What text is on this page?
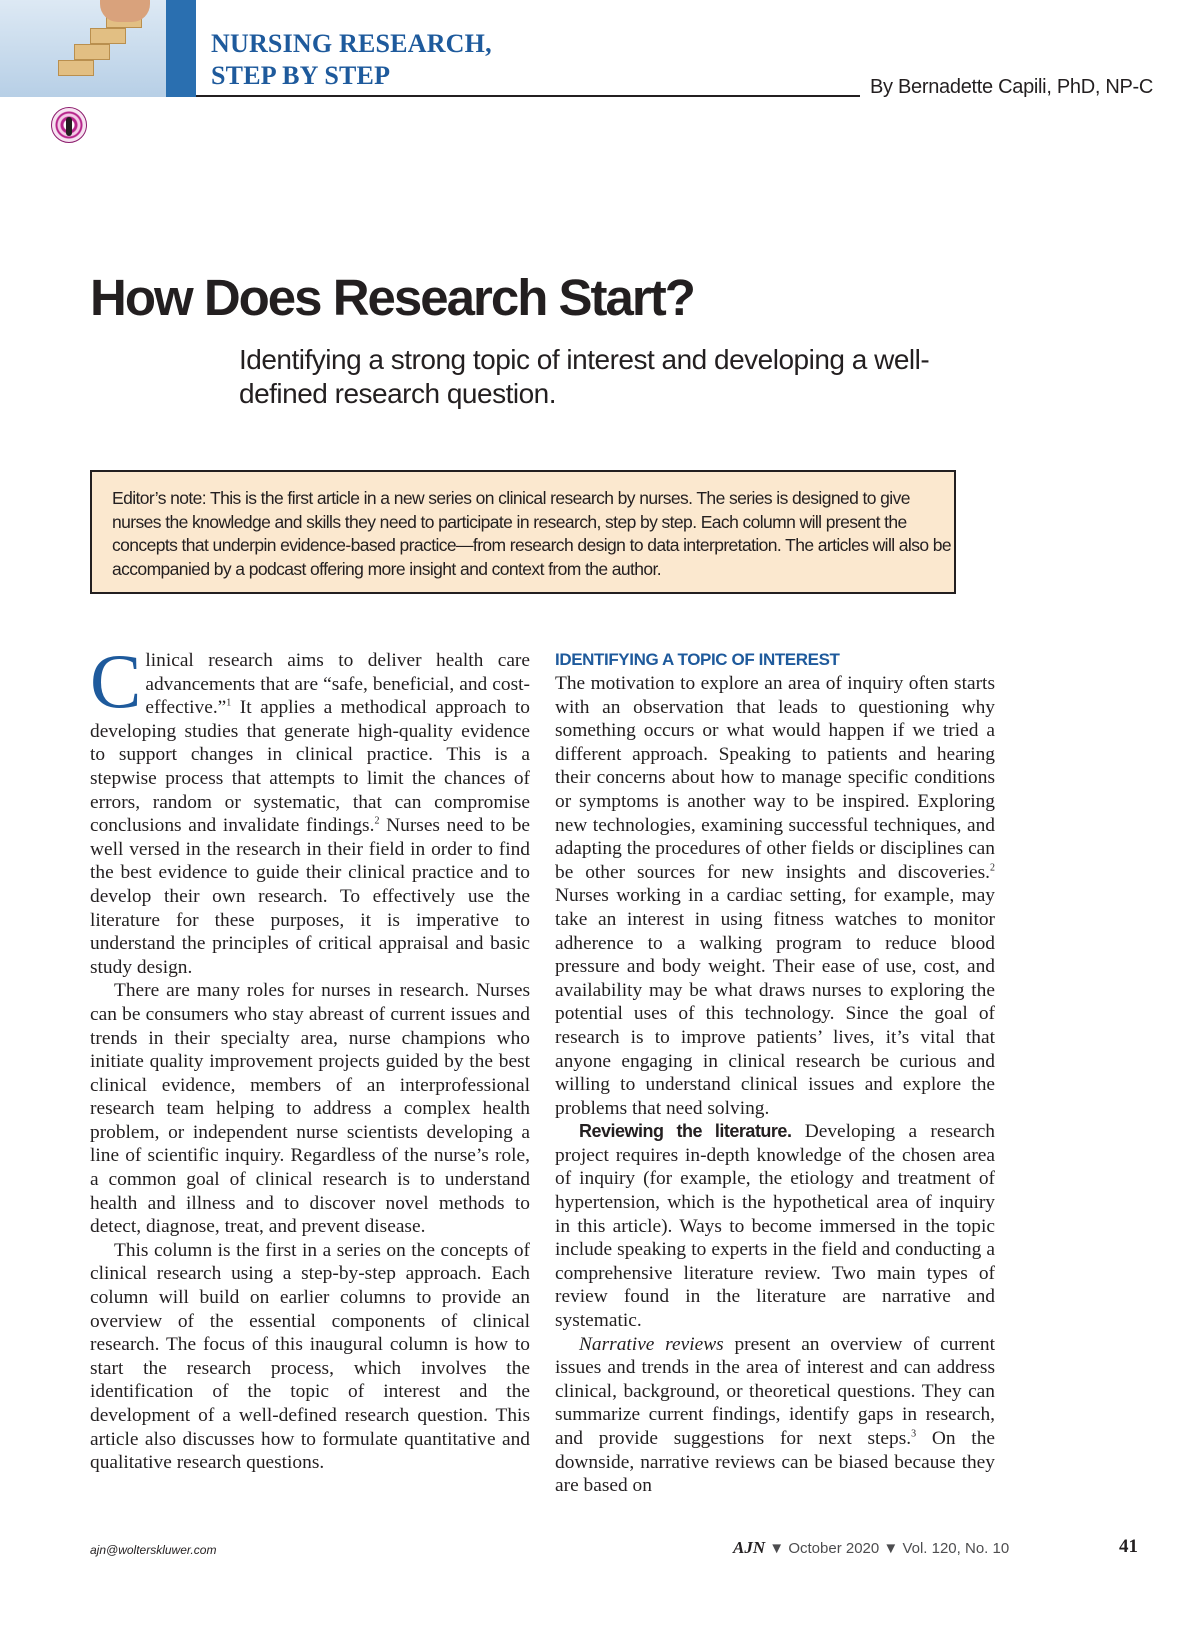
NURSING RESEARCH,
STEP BY STEP	By Bernadette Capili, PhD, NP-C

How Does Research Start?

Identifying a strong topic of interest and developing a well-defined research question.

Editor’s note: This is the first article in a new series on clinical research by nurses. The series is designed to give nurses the knowledge and skills they need to participate in research, step by step. Each column will present the concepts that underpin evidence-based practice—from research design to data interpretation. The articles will also be accompanied by a podcast offering more insight and context from the author.

Clinical research aims to deliver health care advancements that are “safe, beneficial, and cost-effective.”$^1$ It applies a methodical approach to developing studies that generate high-quality evidence to support changes in clinical practice. This is a stepwise process that attempts to limit the chances of errors, random or systematic, that can compromise conclusions and invalidate findings.$^2$ Nurses need to be well versed in the research in their field in order to find the best evidence to guide their clinical practice and to develop their own research. To effectively use the literature for these purposes, it is imperative to understand the principles of critical appraisal and basic study design.

There are many roles for nurses in research. Nurses can be consumers who stay abreast of current issues and trends in their specialty area, nurse champions who initiate quality improvement projects guided by the best clinical evidence, members of an interprofessional research team helping to address a complex health problem, or independent nurse scientists developing a line of scientific inquiry. Regardless of the nurse’s role, a common goal of clinical research is to understand health and illness and to discover novel methods to detect, diagnose, treat, and prevent disease.

This column is the first in a series on the concepts of clinical research using a step-by-step approach. Each column will build on earlier columns to provide an overview of the essential components of clinical research. The focus of this inaugural column is how to start the research process, which involves the identification of the topic of interest and the development of a well-defined research question. This article also discusses how to formulate quantitative and qualitative research questions.

IDENTIFYING A TOPIC OF INTEREST

The motivation to explore an area of inquiry often starts with an observation that leads to questioning why something occurs or what would happen if we tried a different approach. Speaking to patients and hearing their concerns about how to manage specific conditions or symptoms is another way to be inspired. Exploring new technologies, examining successful techniques, and adapting the procedures of other fields or disciplines can be other sources for new insights and discoveries.$^2$ Nurses working in a cardiac setting, for example, may take an interest in using fitness watches to monitor adherence to a walking program to reduce blood pressure and body weight. Their ease of use, cost, and availability may be what draws nurses to exploring the potential uses of this technology. Since the goal of research is to improve patients’ lives, it’s vital that anyone engaging in clinical research be curious and willing to understand clinical issues and explore the problems that need solving.

Reviewing the literature. Developing a research project requires in-depth knowledge of the chosen area of inquiry (for example, the etiology and treatment of hypertension, which is the hypothetical area of inquiry in this article). Ways to become immersed in the topic include speaking to experts in the field and conducting a comprehensive literature review. Two main types of review found in the literature are narrative and systematic.

Narrative reviews present an overview of current issues and trends in the area of interest and can address clinical, background, or theoretical questions. They can summarize current findings, identify gaps in research, and provide suggestions for next steps.$^3$ On the downside, narrative reviews can be biased because they are based on

ajn@wolterskluwer.com	AJN ▼ October 2020 ▼ Vol. 120, No. 10	41
